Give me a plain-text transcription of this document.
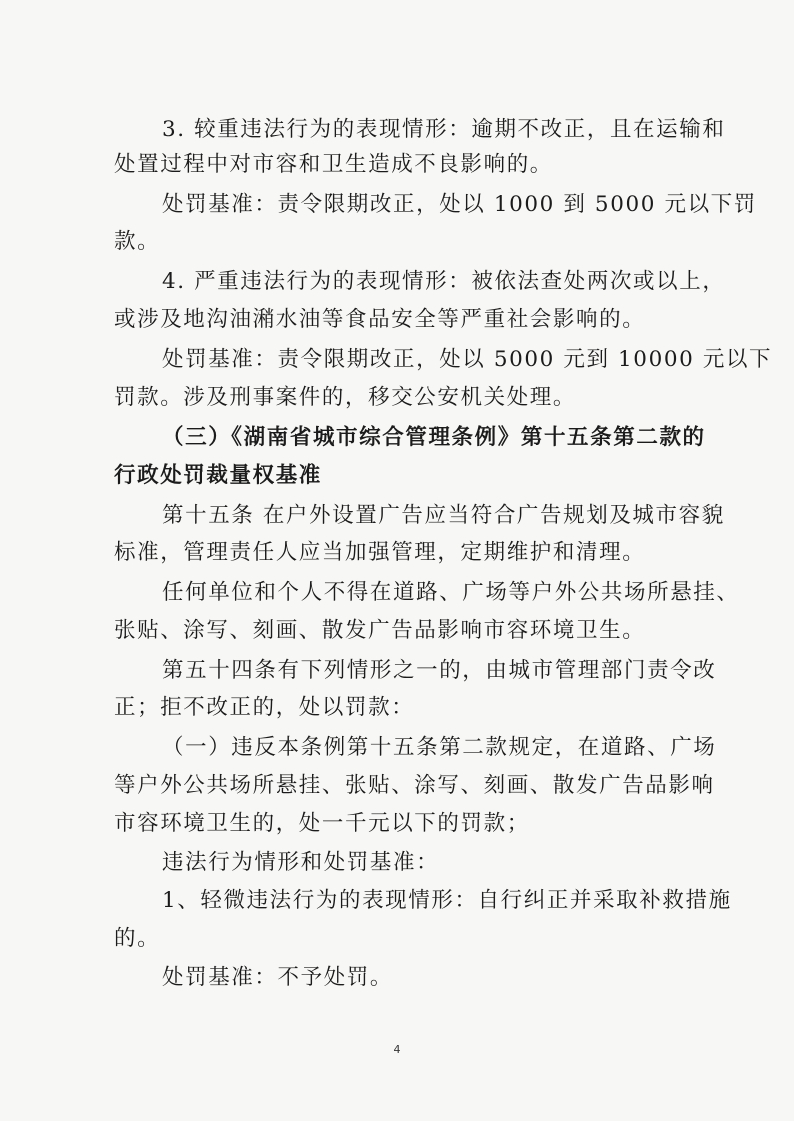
3. 较重违法行为的表现情形：逾期不改正，且在运输和
处置过程中对市容和卫生造成不良影响的。
处罚基准：责令限期改正，处以 1000 到 5000 元以下罚
款。
4. 严重违法行为的表现情形：被依法查处两次或以上，
或涉及地沟油潲水油等食品安全等严重社会影响的。
处罚基准：责令限期改正，处以 5000 元到 10000 元以下
罚款。涉及刑事案件的，移交公安机关处理。
（三）《湖南省城市综合管理条例》第十五条第二款的
行政处罚裁量权基准
第十五条 在户外设置广告应当符合广告规划及城市容貌
标准，管理责任人应当加强管理，定期维护和清理。
任何单位和个人不得在道路、广场等户外公共场所悬挂、
张贴、涂写、刻画、散发广告品影响市容环境卫生。
第五十四条有下列情形之一的，由城市管理部门责令改
正；拒不改正的，处以罚款：
（一）违反本条例第十五条第二款规定，在道路、广场
等户外公共场所悬挂、张贴、涂写、刻画、散发广告品影响
市容环境卫生的，处一千元以下的罚款；
违法行为情形和处罚基准：
1、轻微违法行为的表现情形：自行纠正并采取补救措施
的。
处罚基准：不予处罚。
4
